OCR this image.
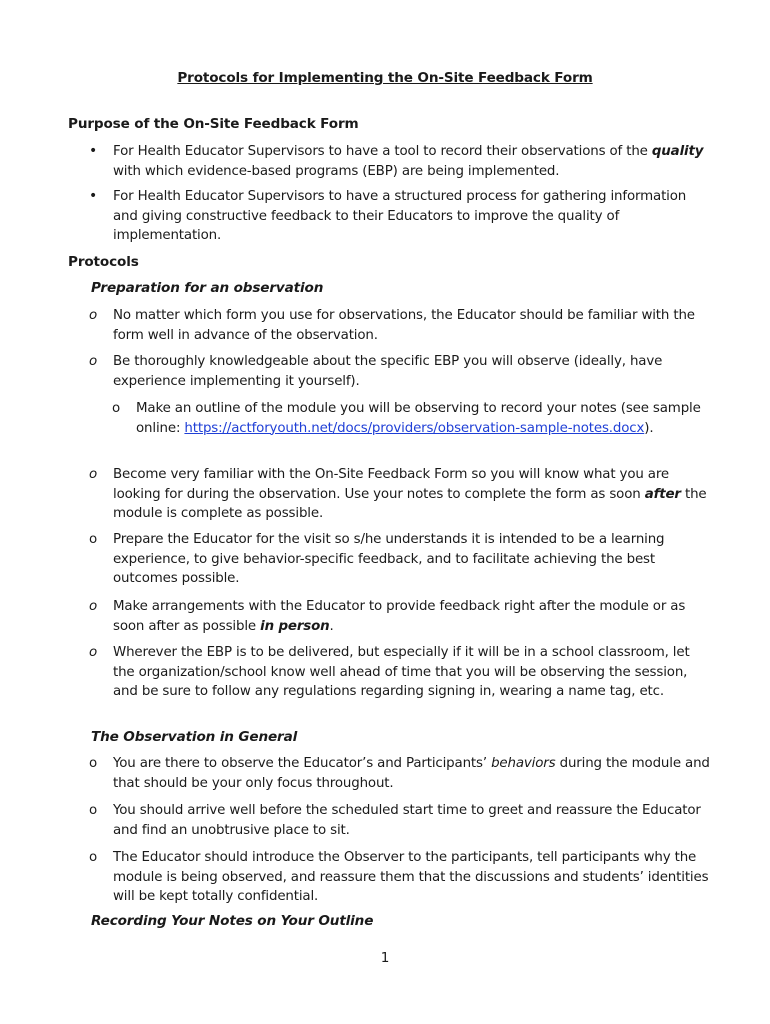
Protocols for Implementing the On-Site Feedback Form
Purpose of the On-Site Feedback Form
•	For Health Educator Supervisors to have a tool to record their observations of the quality with which evidence-based programs (EBP) are being implemented.
•	For Health Educator Supervisors to have a structured process for gathering information and giving constructive feedback to their Educators to improve the quality of implementation.
Protocols
Preparation for an observation
o	No matter which form you use for observations, the Educator should be familiar with the form well in advance of the observation.
o	Be thoroughly knowledgeable about the specific EBP you will observe (ideally, have experience implementing it yourself).
o	Make an outline of the module you will be observing to record your notes (see sample online: https://actforyouth.net/docs/providers/observation-sample-notes.docx).
o	Become very familiar with the On-Site Feedback Form so you will know what you are looking for during the observation. Use your notes to complete the form as soon after the module is complete as possible.
o	Prepare the Educator for the visit so s/he understands it is intended to be a learning experience, to give behavior-specific feedback, and to facilitate achieving the best outcomes possible.
o	Make arrangements with the Educator to provide feedback right after the module or as soon after as possible in person.
o	Wherever the EBP is to be delivered, but especially if it will be in a school classroom, let the organization/school know well ahead of time that you will be observing the session, and be sure to follow any regulations regarding signing in, wearing a name tag, etc.
The Observation in General
o	You are there to observe the Educator’s and Participants’ behaviors during the module and that should be your only focus throughout.
o	You should arrive well before the scheduled start time to greet and reassure the Educator and find an unobtrusive place to sit.
o	The Educator should introduce the Observer to the participants, tell participants why the module is being observed, and reassure them that the discussions and students’ identities will be kept totally confidential.
Recording Your Notes on Your Outline
1
